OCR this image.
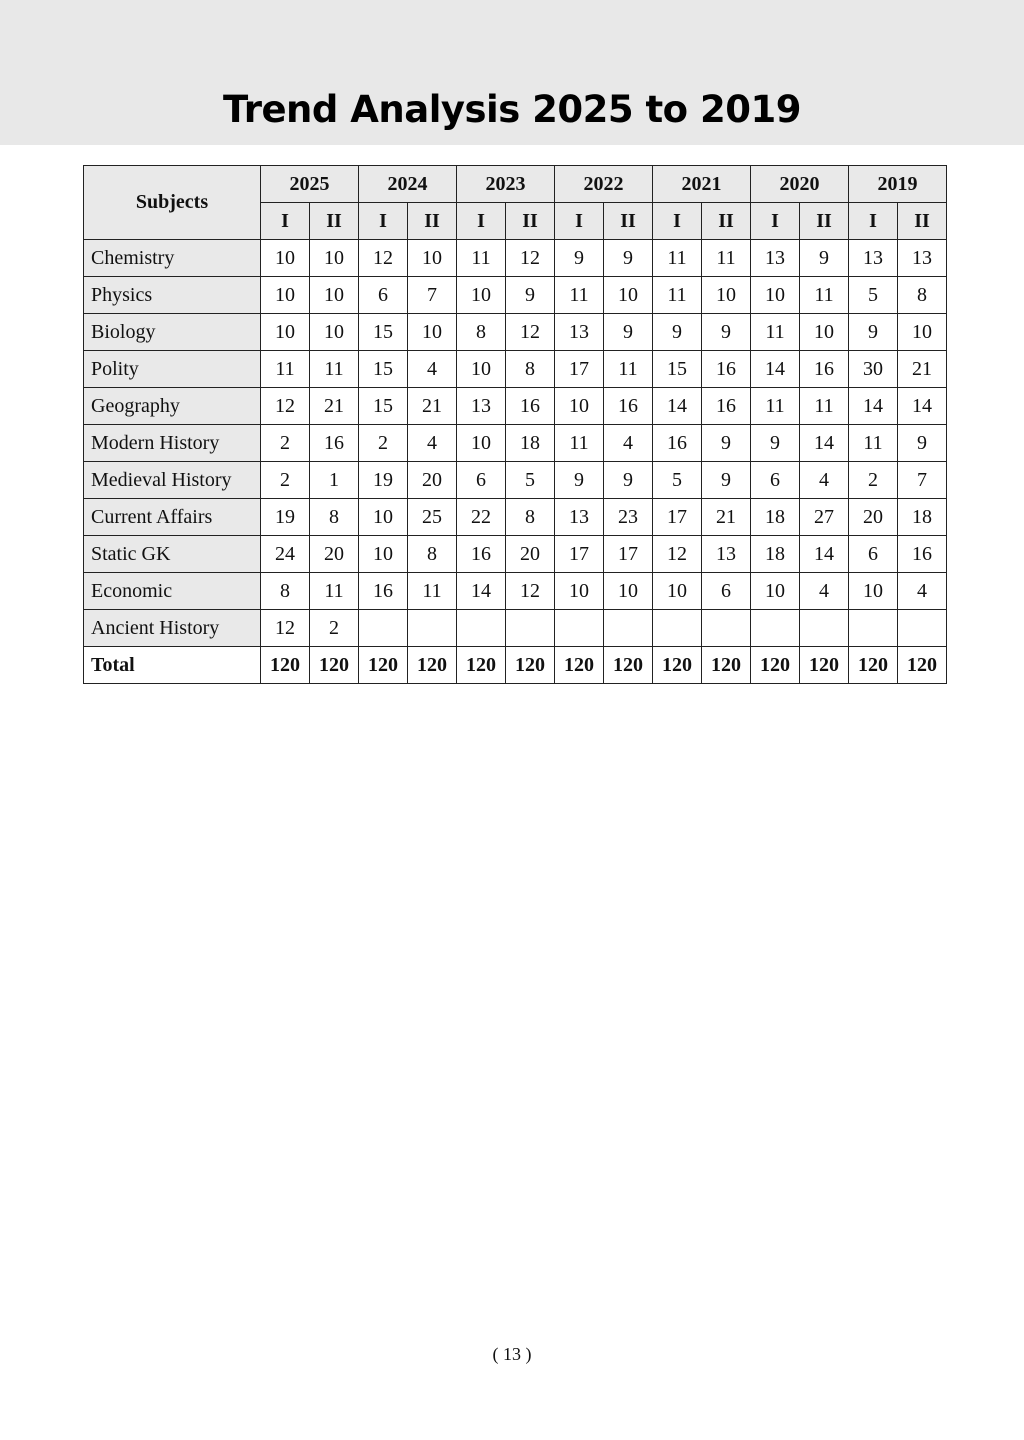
Trend Analysis 2025 to 2019
Subjects	2025		2024		2023		2022		2021		2020		2019	
	I	II	I	II	I	II	I	II	I	II	I	II	I	II
Chemistry	10	10	12	10	11	12	9	9	11	11	13	9	13	13
Physics	10	10	6	7	10	9	11	10	11	10	10	11	5	8
Biology	10	10	15	10	8	12	13	9	9	9	11	10	9	10
Polity	11	11	15	4	10	8	17	11	15	16	14	16	30	21
Geography	12	21	15	21	13	16	10	16	14	16	11	11	14	14
Modern History	2	16	2	4	10	18	11	4	16	9	9	14	11	9
Medieval History	2	1	19	20	6	5	9	9	5	9	6	4	2	7
Current Affairs	19	8	10	25	22	8	13	23	17	21	18	27	20	18
Static GK	24	20	10	8	16	20	17	17	12	13	18	14	6	16
Economic	8	11	16	11	14	12	10	10	10	6	10	4	10	4
Ancient History	12	2												
Total	120	120	120	120	120	120	120	120	120	120	120	120	120	120
( 13 )
